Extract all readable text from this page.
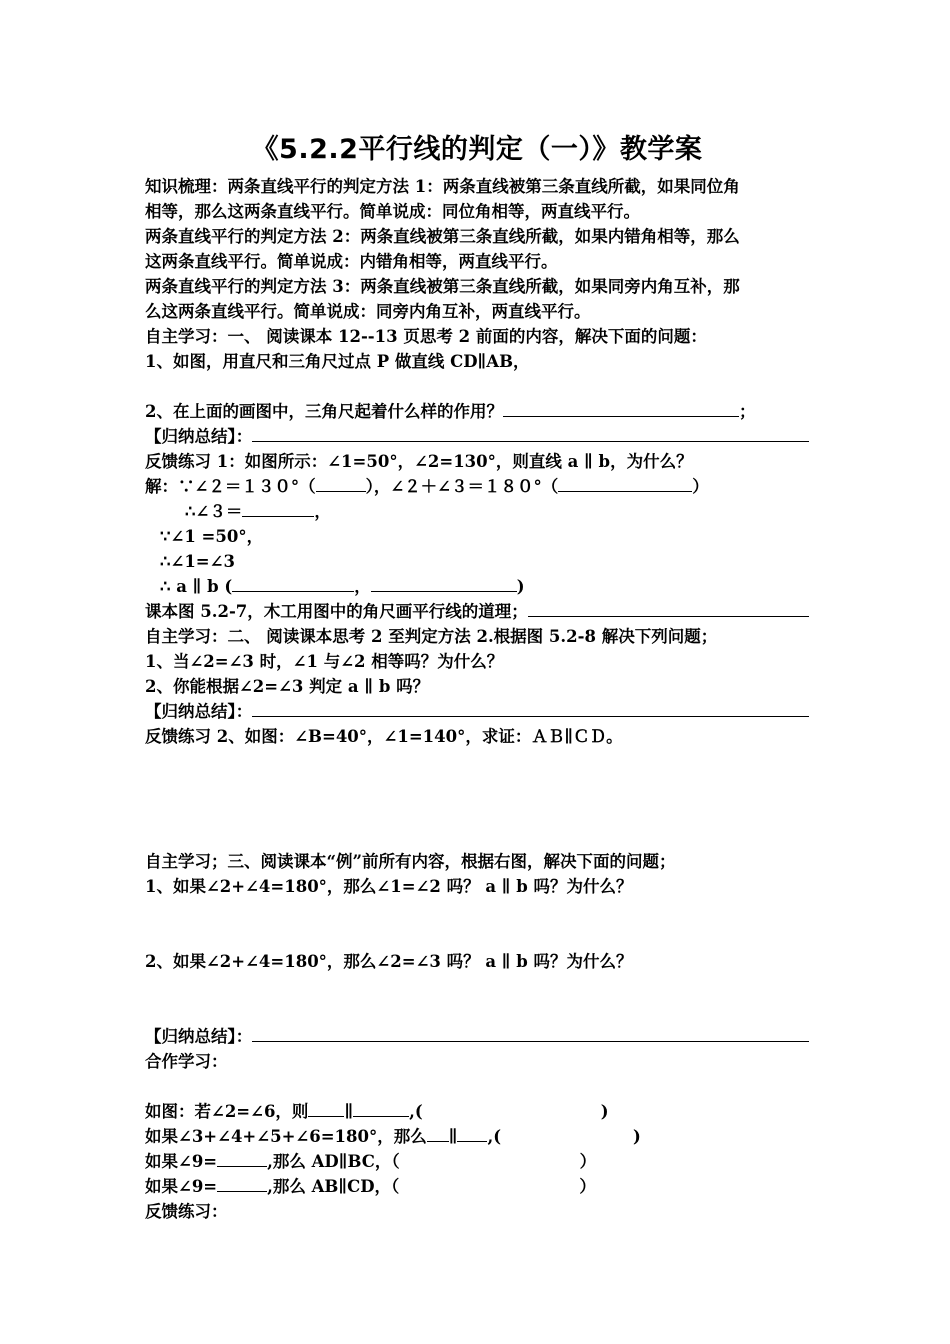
《5.2.2平行线的判定（一）》教学案
知识梳理：两条直线平行的判定方法 1：两条直线被第三条直线所截，如果同位角
相等，那么这两条直线平行。简单说成：同位角相等，两直线平行。
两条直线平行的判定方法 2：两条直线被第三条直线所截，如果内错角相等，那么
这两条直线平行。简单说成：内错角相等，两直线平行。
两条直线平行的判定方法 3：两条直线被第三条直线所截，如果同旁内角互补，那
么这两条直线平行。简单说成：同旁内角互补，两直线平行。
自主学习：一、 阅读课本 12--13 页思考 2 前面的内容，解决下面的问题：
1、如图，用直尺和三角尺过点 P 做直线 CD∥AB，
2、在上面的画图中，三角尺起着什么样的作用？	；
【归纳总结】：
反馈练习 1：如图所示：∠1=50°，∠2=130°，则直线 a ∥ b，为什么？
解：∵∠２＝１３０°（	），∠２＋∠３＝１８０°（	）
∴∠３＝	，
∵∠1 =50°，
∴∠1=∠3
∴ a ∥ b (	，	)
课本图 5.2-7，木工用图中的角尺画平行线的道理；
自主学习：二、 阅读课本思考 2 至判定方法 2.根据图 5.2-8 解决下列问题；
1、当∠2=∠3 时，∠1 与∠2 相等吗？为什么？
2、你能根据∠2=∠3 判定 a ∥ b 吗？
【归纳总结】：
反馈练习 2、如图：∠B=40°，∠1=140°，求证：ＡＢ∥ＣＤ。
自主学习；三、阅读课本“例”前所有内容，根据右图，解决下面的问题；
1、如果∠2+∠4=180°，那么∠1=∠2 吗？ a ∥ b 吗？为什么？
2、如果∠2+∠4=180°，那么∠2=∠3 吗？ a ∥ b 吗？为什么？
【归纳总结】：
合作学习：
如图：若∠2=∠6，则 ∥	,(	)
如果∠3+∠4+∠5+∠6=180°，那么 ∥ ,(	)
如果∠9=	,那么 AD∥BC，（	）
如果∠9=	,那么 AB∥CD，（	）
反馈练习：
